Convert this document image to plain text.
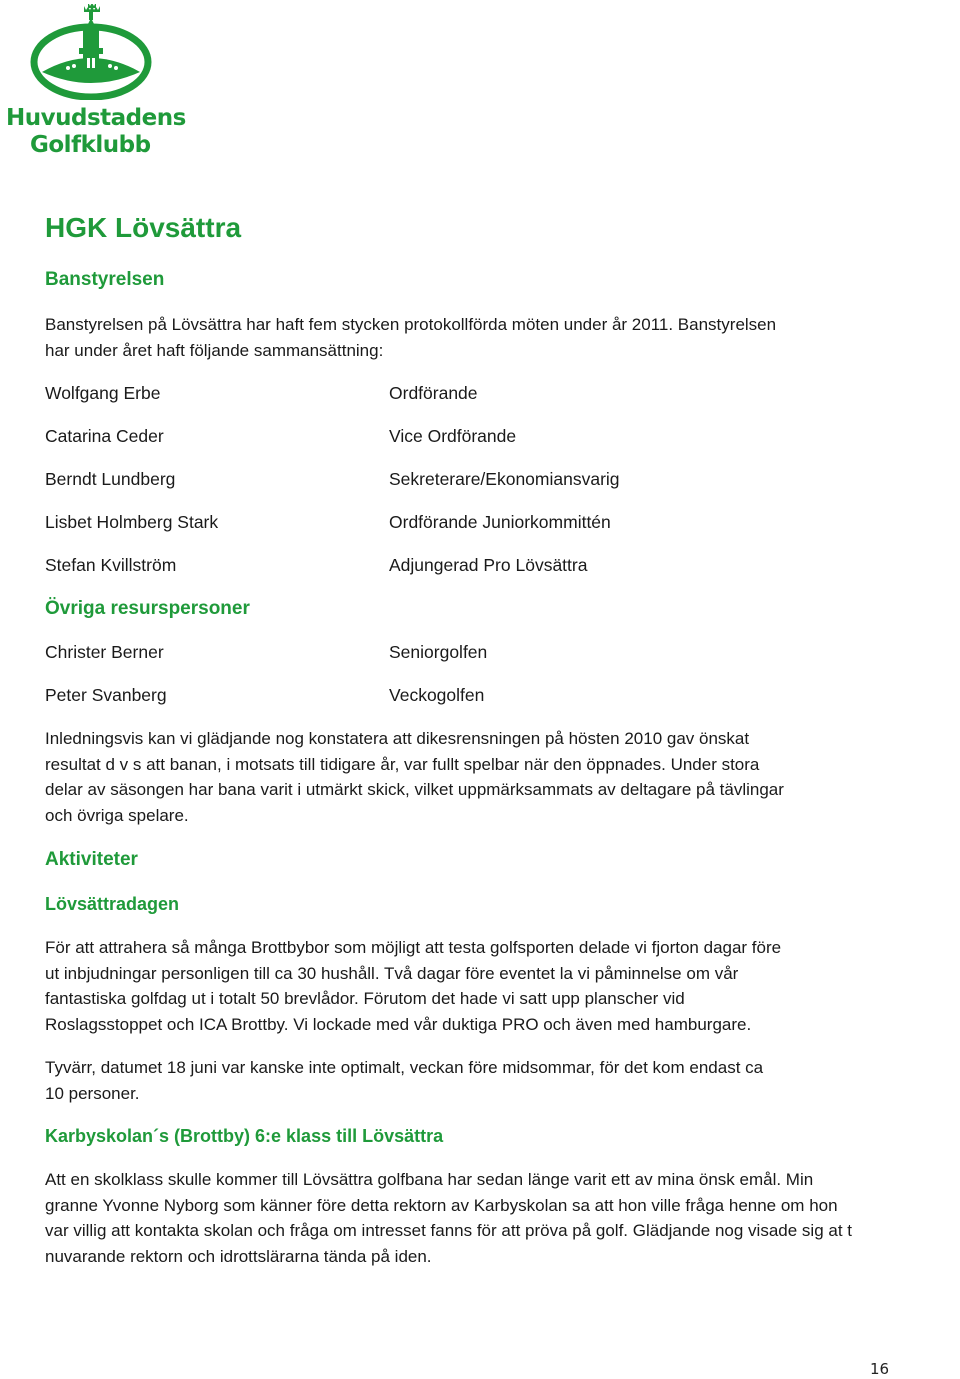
Huvudstadens
Golfklubb
HGK Lövsättra
Banstyrelsen
Banstyrelsen på Lövsättra har haft fem stycken protokollförda möten under år 2011. Banstyrelsen
har under året haft följande sammansättning:
Wolfgang Erbe	Ordförande
Catarina Ceder	Vice Ordförande
Berndt Lundberg	Sekreterare/Ekonomiansvarig
Lisbet Holmberg Stark	Ordförande Juniorkommittén
Stefan Kvillström	Adjungerad Pro Lövsättra
Övriga resurspersoner
Christer Berner	Seniorgolfen
Peter Svanberg	Veckogolfen
Inledningsvis kan vi glädjande nog konstatera att dikesrensningen på hösten 2010 gav önskat
resultat d v s att banan, i motsats till tidigare år, var fullt spelbar när den öppnades. Under stora
delar av säsongen har bana varit i utmärkt skick, vilket uppmärksammats av deltagare på tävlingar
och övriga spelare.
Aktiviteter
Lövsättradagen
För att attrahera så många Brottbybor som möjligt att testa golfsporten delade vi fjorton dagar före
ut inbjudningar personligen till ca 30 hushåll. Två dagar före eventet la vi påminnelse om vår
fantastiska golfdag ut i totalt 50 brevlådor. Förutom det hade vi satt upp planscher vid
Roslagsstoppet och ICA Brottby. Vi lockade med vår duktiga PRO och även med hamburgare.
Tyvärr, datumet 18 juni var kanske inte optimalt, veckan före midsommar, för det kom endast ca
10 personer.
Karbyskolan´s (Brottby) 6:e klass till Lövsättra
Att en skolklass skulle kommer till Lövsättra golfbana har sedan länge varit ett av mina önsk emål. Min
granne Yvonne Nyborg som känner före detta rektorn av Karbyskolan sa att hon ville fråga henne om hon
var villig att kontakta skolan och fråga om intresset fanns för att pröva på golf. Glädjande nog visade sig at t
nuvarande rektorn och idrottslärarna tända på iden.
16
